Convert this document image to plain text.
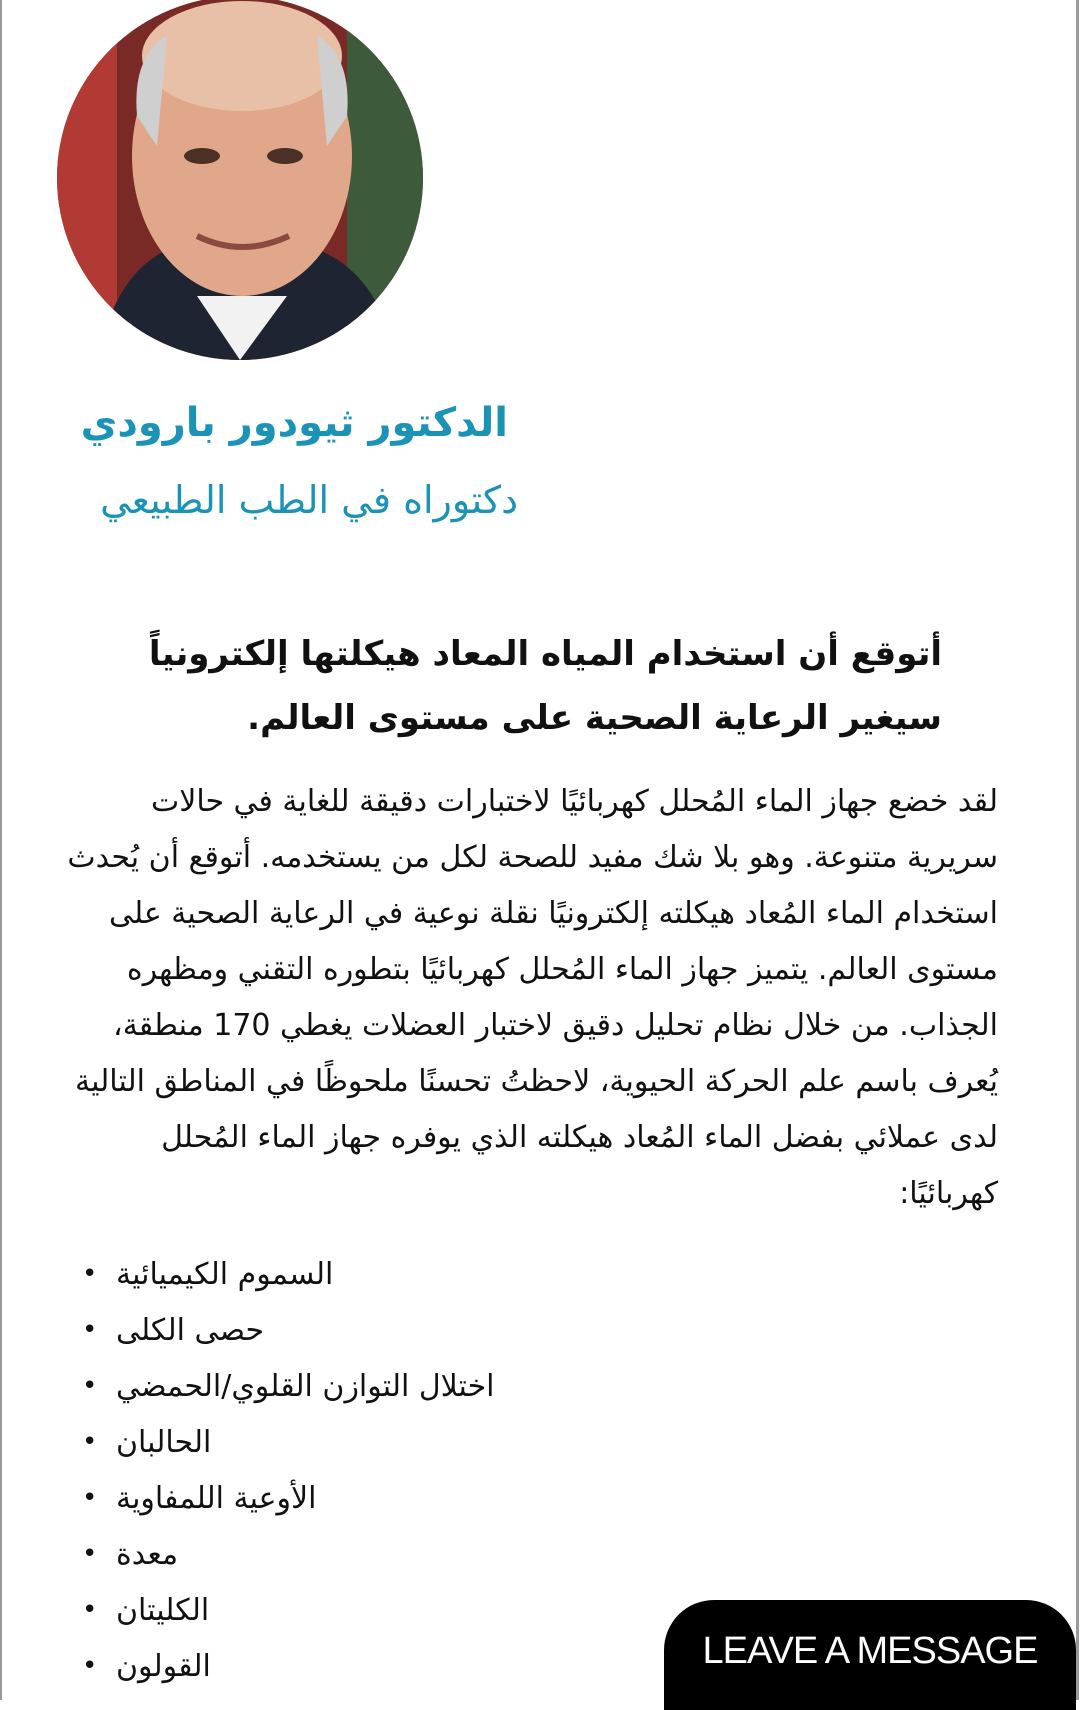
الدكتور ثيودور بارودي
دكتوراه في الطب الطبيعي

أتوقع أن استخدام المياه المعاد هيكلتها إلكترونياً سيغير الرعاية الصحية على مستوى العالم.

لقد خضع جهاز الماء المُحلل كهربائيًا لاختبارات دقيقة للغاية في حالات سريرية متنوعة. وهو بلا شك مفيد للصحة لكل من يستخدمه. أتوقع أن يُحدث استخدام الماء المُعاد هيكلته إلكترونيًا نقلة نوعية في الرعاية الصحية على مستوى العالم. يتميز جهاز الماء المُحلل كهربائيًا بتطوره التقني ومظهره الجذاب. من خلال نظام تحليل دقيق لاختبار العضلات يغطي 170 منطقة، يُعرف باسم علم الحركة الحيوية، لاحظتُ تحسنًا ملحوظًا في المناطق التالية لدى عملائي بفضل الماء المُعاد هيكلته الذي يوفره جهاز الماء المُحلل كهربائيًا:

• السموم الكيميائية
• حصى الكلى
• اختلال التوازن القلوي/الحمضي
• الحالبان
• الأوعية اللمفاوية
• معدة
• الكليتان
• القولون	LEAVE A MESSAGE
